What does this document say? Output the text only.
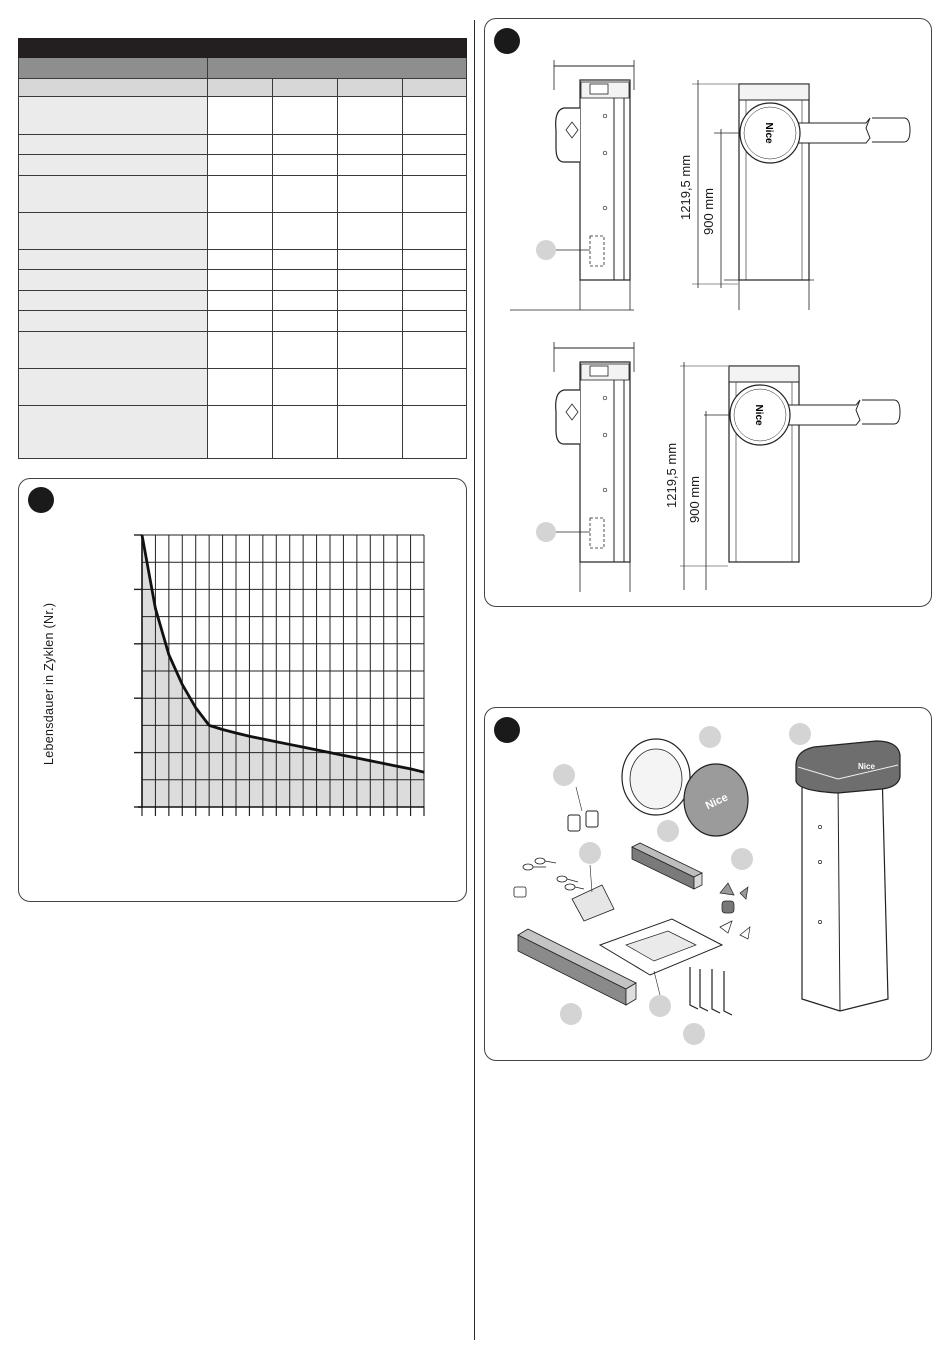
Lebensdauer in Zyklen (Nr.)
1219,5 mm 900 mm
Nice
1219,5 mm 900 mm
Nice
Nice
Nice
